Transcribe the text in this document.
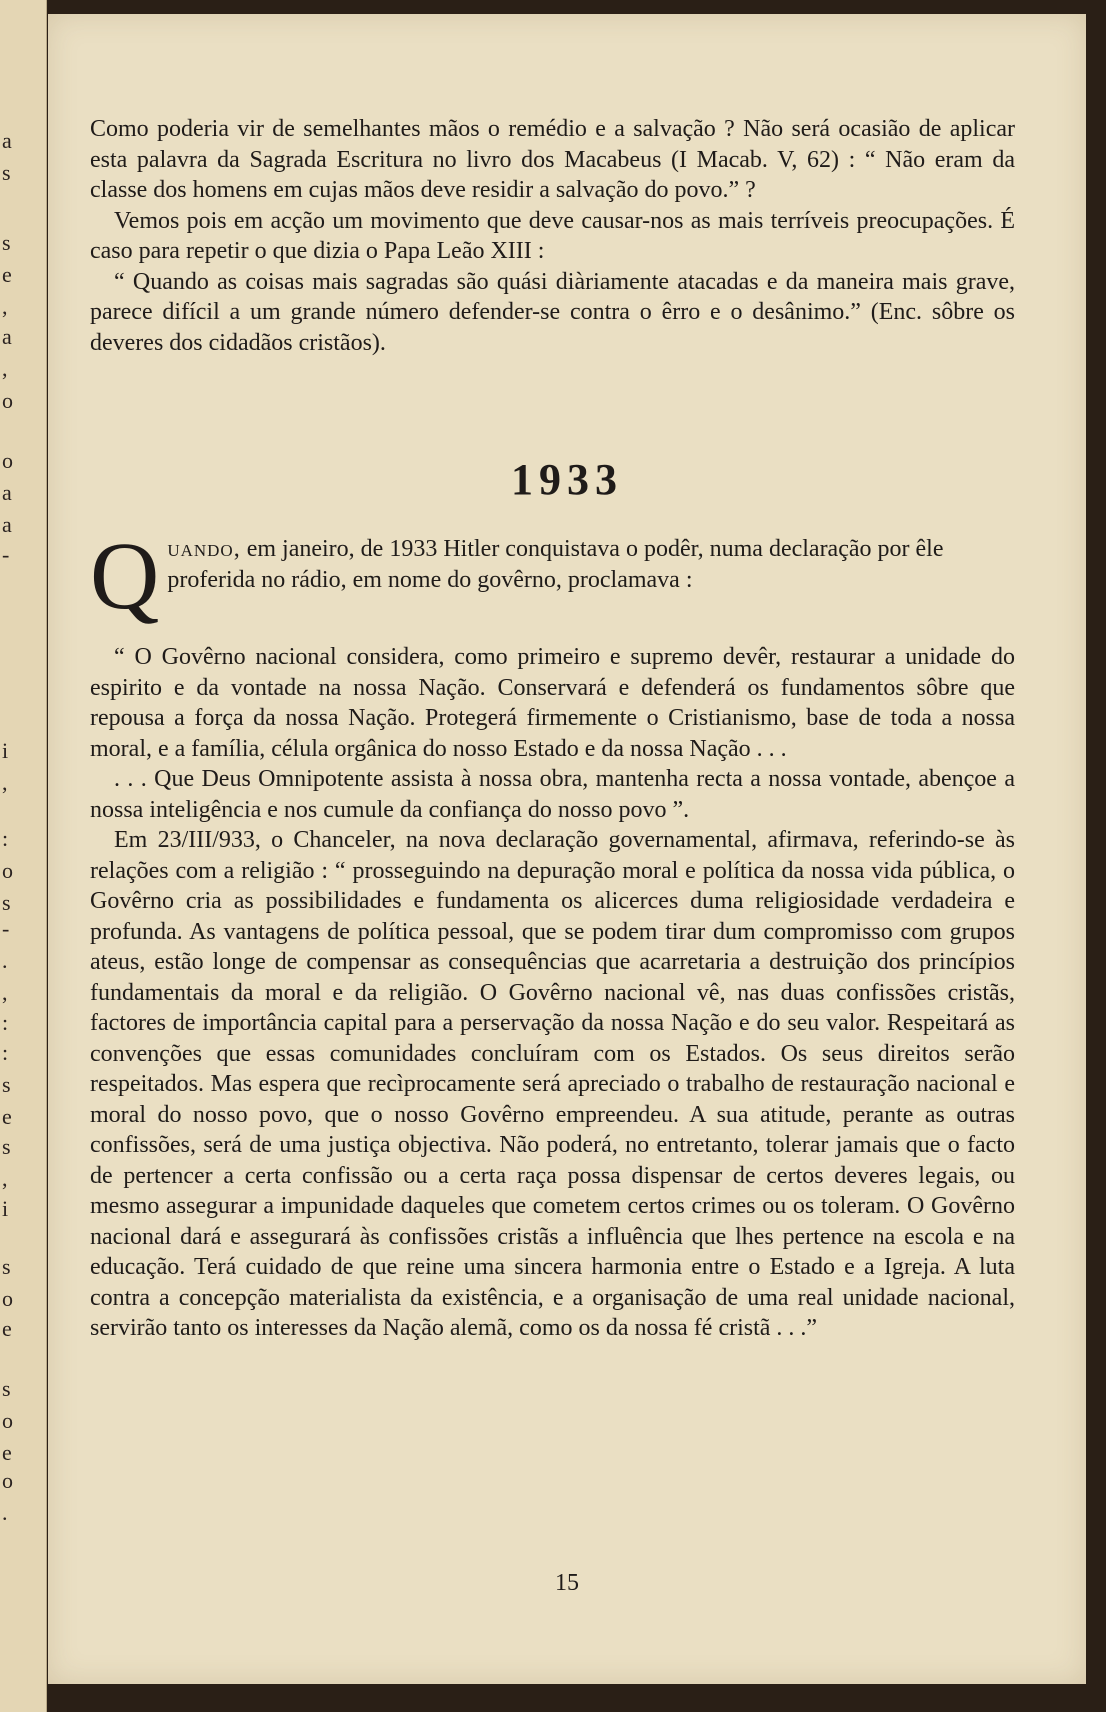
a
s
s
e
,
a
,
o
o
a
a
-
i
,
:
o
s
-
.
,
:
:
s
e
s
,
i
s
o
e
s
o
e
o
.

Como poderia vir de semelhantes mãos o remédio e a salvação ? Não será ocasião de aplicar esta palavra da Sagrada Escritura no livro dos Macabeus (I Macab. V, 62) : “ Não eram da classe dos homens em cujas mãos deve residir a salvação do povo.” ?

Vemos pois em acção um movimento que deve causar-nos as mais terríveis preocupações. É caso para repetir o que dizia o Papa Leão XIII :

“ Quando as coisas mais sagradas são quási diàriamente atacadas e da maneira mais grave, parece difícil a um grande número defender-se contra o êrro e o desânimo.” (Enc. sôbre os deveres dos cidadãos cristãos).

1933
Q uando, em janeiro, de 1933 Hitler conquistava o podêr, numa declaração por êle proferida no rádio, em nome do govêrno, proclamava :

“ O Govêrno nacional considera, como primeiro e supremo devêr, restaurar a unidade do espirito e da vontade na nossa Nação. Conservará e defenderá os fundamentos sôbre que repousa a força da nossa Nação. Protegerá firmemente o Cristianismo, base de toda a nossa moral, e a família, célula orgânica do nosso Estado e da nossa Nação . . .

. . . Que Deus Omnipotente assista à nossa obra, mantenha recta a nossa vontade, abençoe a nossa inteligência e nos cumule da confiança do nosso povo ”.

Em 23/III/933, o Chanceler, na nova declaração governamental, afirmava, referindo-se às relações com a religião : “ prosseguindo na depuração moral e política da nossa vida pública, o Govêrno cria as possibilidades e fundamenta os alicerces duma religiosidade verdadeira e profunda. As vantagens de política pessoal, que se podem tirar dum compromisso com grupos ateus, estão longe de compensar as consequências que acarretaria a destruição dos princípios fundamentais da moral e da religião. O Govêrno nacional vê, nas duas confissões cristãs, factores de importância capital para a perservação da nossa Nação e do seu valor. Respeitará as convenções que essas comunidades concluíram com os Estados. Os seus direitos serão respeitados. Mas espera que recìprocamente será apreciado o trabalho de restauração nacional e moral do nosso povo, que o nosso Govêrno empreendeu. A sua atitude, perante as outras confissões, será de uma justiça objectiva. Não poderá, no entretanto, tolerar jamais que o facto de pertencer a certa confissão ou a certa raça possa dispensar de certos deveres legais, ou mesmo assegurar a impunidade daqueles que cometem certos crimes ou os toleram. O Govêrno nacional dará e assegurará às confissões cristãs a influência que lhes pertence na escola e na educação. Terá cuidado de que reine uma sincera harmonia entre o Estado e a Igreja. A luta contra a concepção materialista da existência, e a organisação de uma real unidade nacional, servirão tanto os interesses da Nação alemã, como os da nossa fé cristã . . .”

15
